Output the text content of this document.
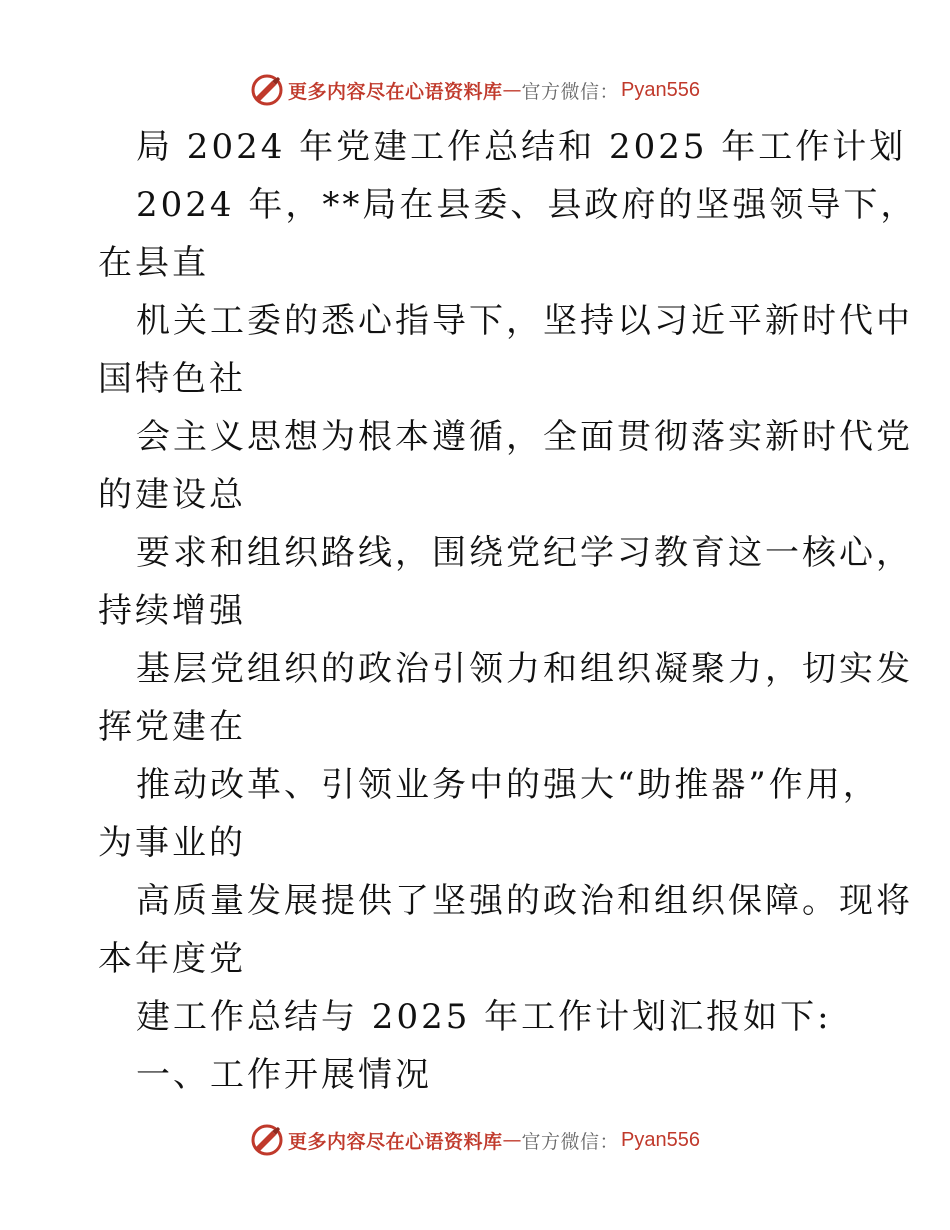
更多内容尽在心语资料库 — 官方微信： Pyan556
局 2024 年党建工作总结和 2025 年工作计划
2024 年，**局在县委、县政府的坚强领导下，
在县直
机关工委的悉心指导下，坚持以习近平新时代中
国特色社
会主义思想为根本遵循，全面贯彻落实新时代党
的建设总
要求和组织路线，围绕党纪学习教育这一核心，
持续增强
基层党组织的政治引领力和组织凝聚力，切实发
挥党建在
推动改革、引领业务中的强大“助推器”作用，
为事业的
高质量发展提供了坚强的政治和组织保障。现将
本年度党
建工作总结与 2025 年工作计划汇报如下:
一、工作开展情况
更多内容尽在心语资料库 — 官方微信： Pyan556
